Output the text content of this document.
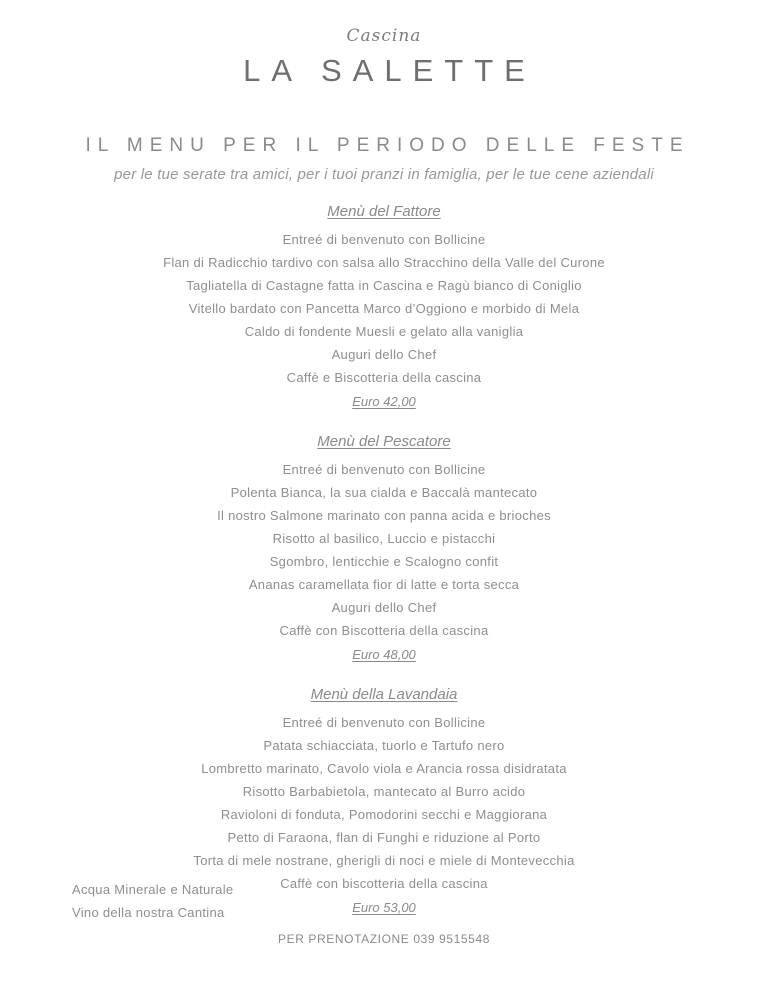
Cascina
LA SALETTE
IL MENU PER IL PERIODO DELLE FESTE
per le tue serate tra amici, per i tuoi pranzi in famiglia, per le tue cene aziendali
Menù del Fattore
Entreé di benvenuto con Bollicine
Flan di Radicchio tardivo con salsa allo Stracchino della Valle del Curone
Tagliatella di Castagne fatta in Cascina e Ragù bianco di Coniglio
Vitello bardato con Pancetta Marco d’Oggiono e morbido di Mela
Caldo di fondente Muesli e gelato alla vaniglia
Auguri dello Chef
Caffè e Biscotteria della cascina
Euro 42,00
Menù del Pescatore
Entreé di benvenuto con Bollicine
Polenta Bianca, la sua cialda e Baccalà mantecato
Il nostro Salmone marinato con panna acida e brioches
Risotto al basilico, Luccio e pistacchi
Sgombro, lenticchie e Scalogno confit
Ananas caramellata fior di latte e torta secca
Auguri dello Chef
Caffè con Biscotteria della cascina
Euro 48,00
Menù della Lavandaia
Entreé di benvenuto con Bollicine
Patata schiacciata, tuorlo e Tartufo nero
Lombretto marinato, Cavolo viola e Arancia rossa disidratata
Risotto Barbabietola, mantecato al Burro acido
Ravioloni di fonduta, Pomodorini secchi e Maggiorana
Petto di Faraona, flan di Funghi e riduzione al Porto
Torta di mele nostrane, gherigli di noci e miele di Montevecchia
Caffè con biscotteria della cascina
Euro 53,00
Acqua Minerale e Naturale
Vino della nostra Cantina
PER PRENOTAZIONE 039 9515548
